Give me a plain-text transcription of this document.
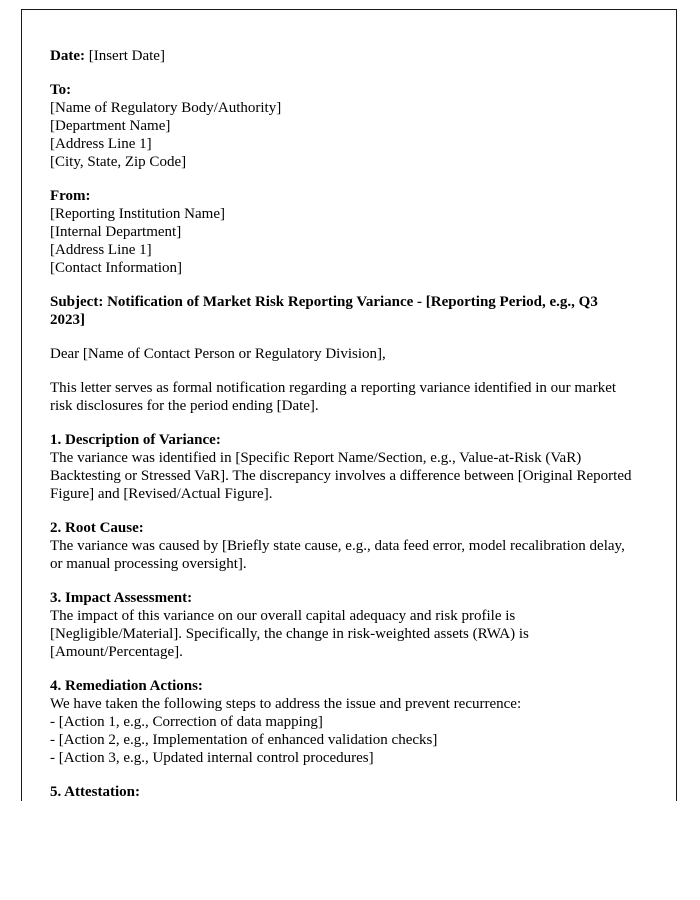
Date: [Insert Date]
To:
[Name of Regulatory Body/Authority]
[Department Name]
[Address Line 1]
[City, State, Zip Code]
From:
[Reporting Institution Name]
[Internal Department]
[Address Line 1]
[Contact Information]
Subject: Notification of Market Risk Reporting Variance - [Reporting Period, e.g., Q3 2023]
Dear [Name of Contact Person or Regulatory Division],
This letter serves as formal notification regarding a reporting variance identified in our market risk disclosures for the period ending [Date].
1. Description of Variance:
The variance was identified in [Specific Report Name/Section, e.g., Value-at-Risk (VaR) Backtesting or Stressed VaR]. The discrepancy involves a difference between [Original Reported Figure] and [Revised/Actual Figure].
2. Root Cause:
The variance was caused by [Briefly state cause, e.g., data feed error, model recalibration delay, or manual processing oversight].
3. Impact Assessment:
The impact of this variance on our overall capital adequacy and risk profile is [Negligible/Material]. Specifically, the change in risk-weighted assets (RWA) is [Amount/Percentage].
4. Remediation Actions:
We have taken the following steps to address the issue and prevent recurrence:
- [Action 1, e.g., Correction of data mapping]
- [Action 2, e.g., Implementation of enhanced validation checks]
- [Action 3, e.g., Updated internal control procedures]
5. Attestation:
